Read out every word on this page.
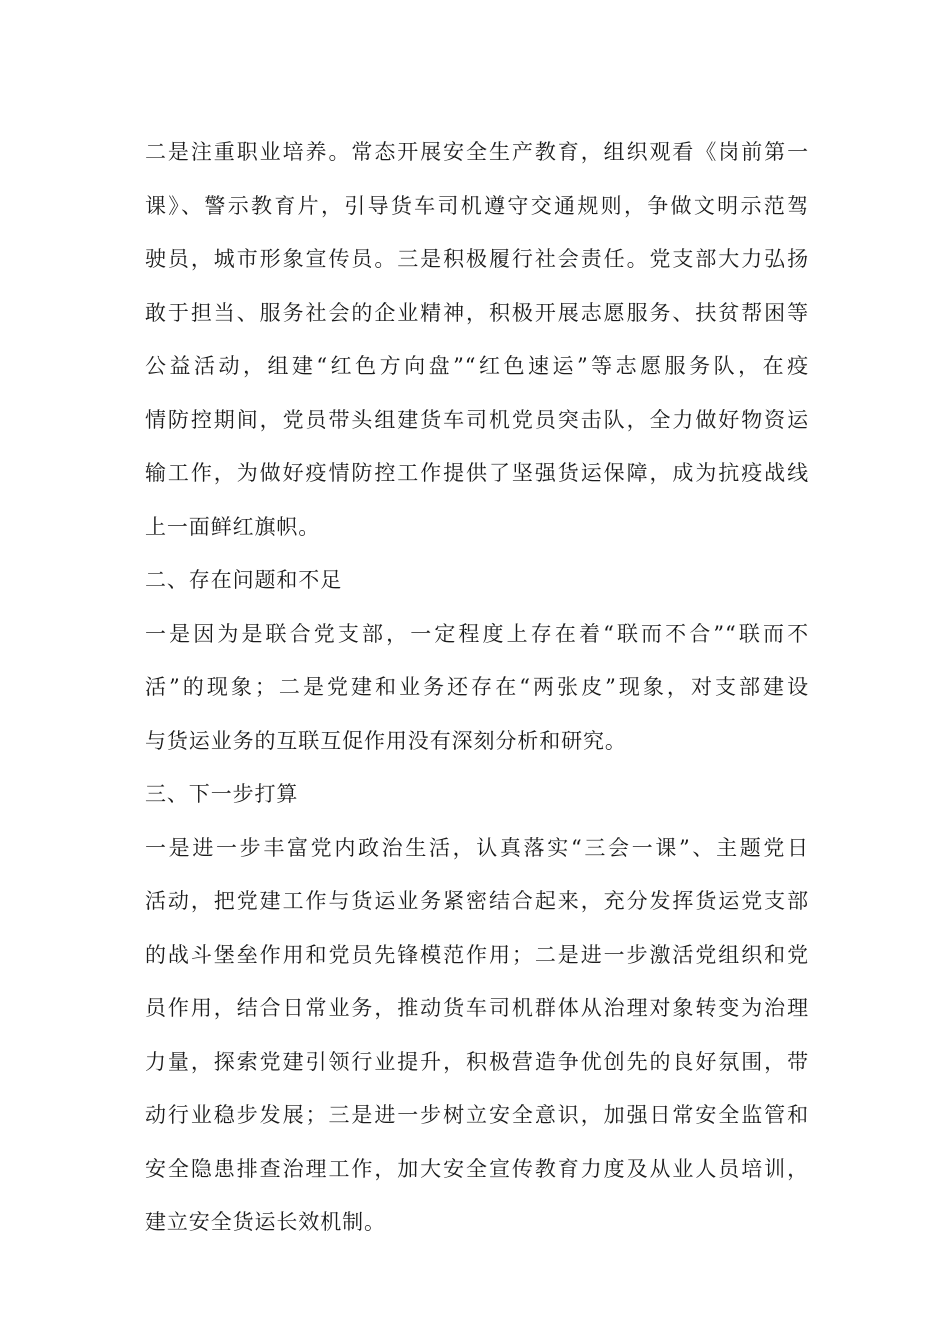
二是注重职业培养。常态开展安全生产教育，组织观看《岗前第一
课》、警示教育片，引导货车司机遵守交通规则，争做文明示范驾
驶员，城市形象宣传员。三是积极履行社会责任。党支部大力弘扬
敢于担当、服务社会的企业精神，积极开展志愿服务、扶贫帮困等
公益活动，组建“红色方向盘”“红色速运”等志愿服务队，在疫
情防控期间，党员带头组建货车司机党员突击队，全力做好物资运
输工作，为做好疫情防控工作提供了坚强货运保障，成为抗疫战线
上一面鲜红旗帜。
二、存在问题和不足
一是因为是联合党支部，一定程度上存在着“联而不合”“联而不
活”的现象；二是党建和业务还存在“两张皮”现象，对支部建设
与货运业务的互联互促作用没有深刻分析和研究。
三、下一步打算
一是进一步丰富党内政治生活，认真落实“三会一课”、主题党日
活动，把党建工作与货运业务紧密结合起来，充分发挥货运党支部
的战斗堡垒作用和党员先锋模范作用；二是进一步激活党组织和党
员作用，结合日常业务，推动货车司机群体从治理对象转变为治理
力量，探索党建引领行业提升，积极营造争优创先的良好氛围，带
动行业稳步发展；三是进一步树立安全意识，加强日常安全监管和
安全隐患排查治理工作，加大安全宣传教育力度及从业人员培训，
建立安全货运长效机制。
